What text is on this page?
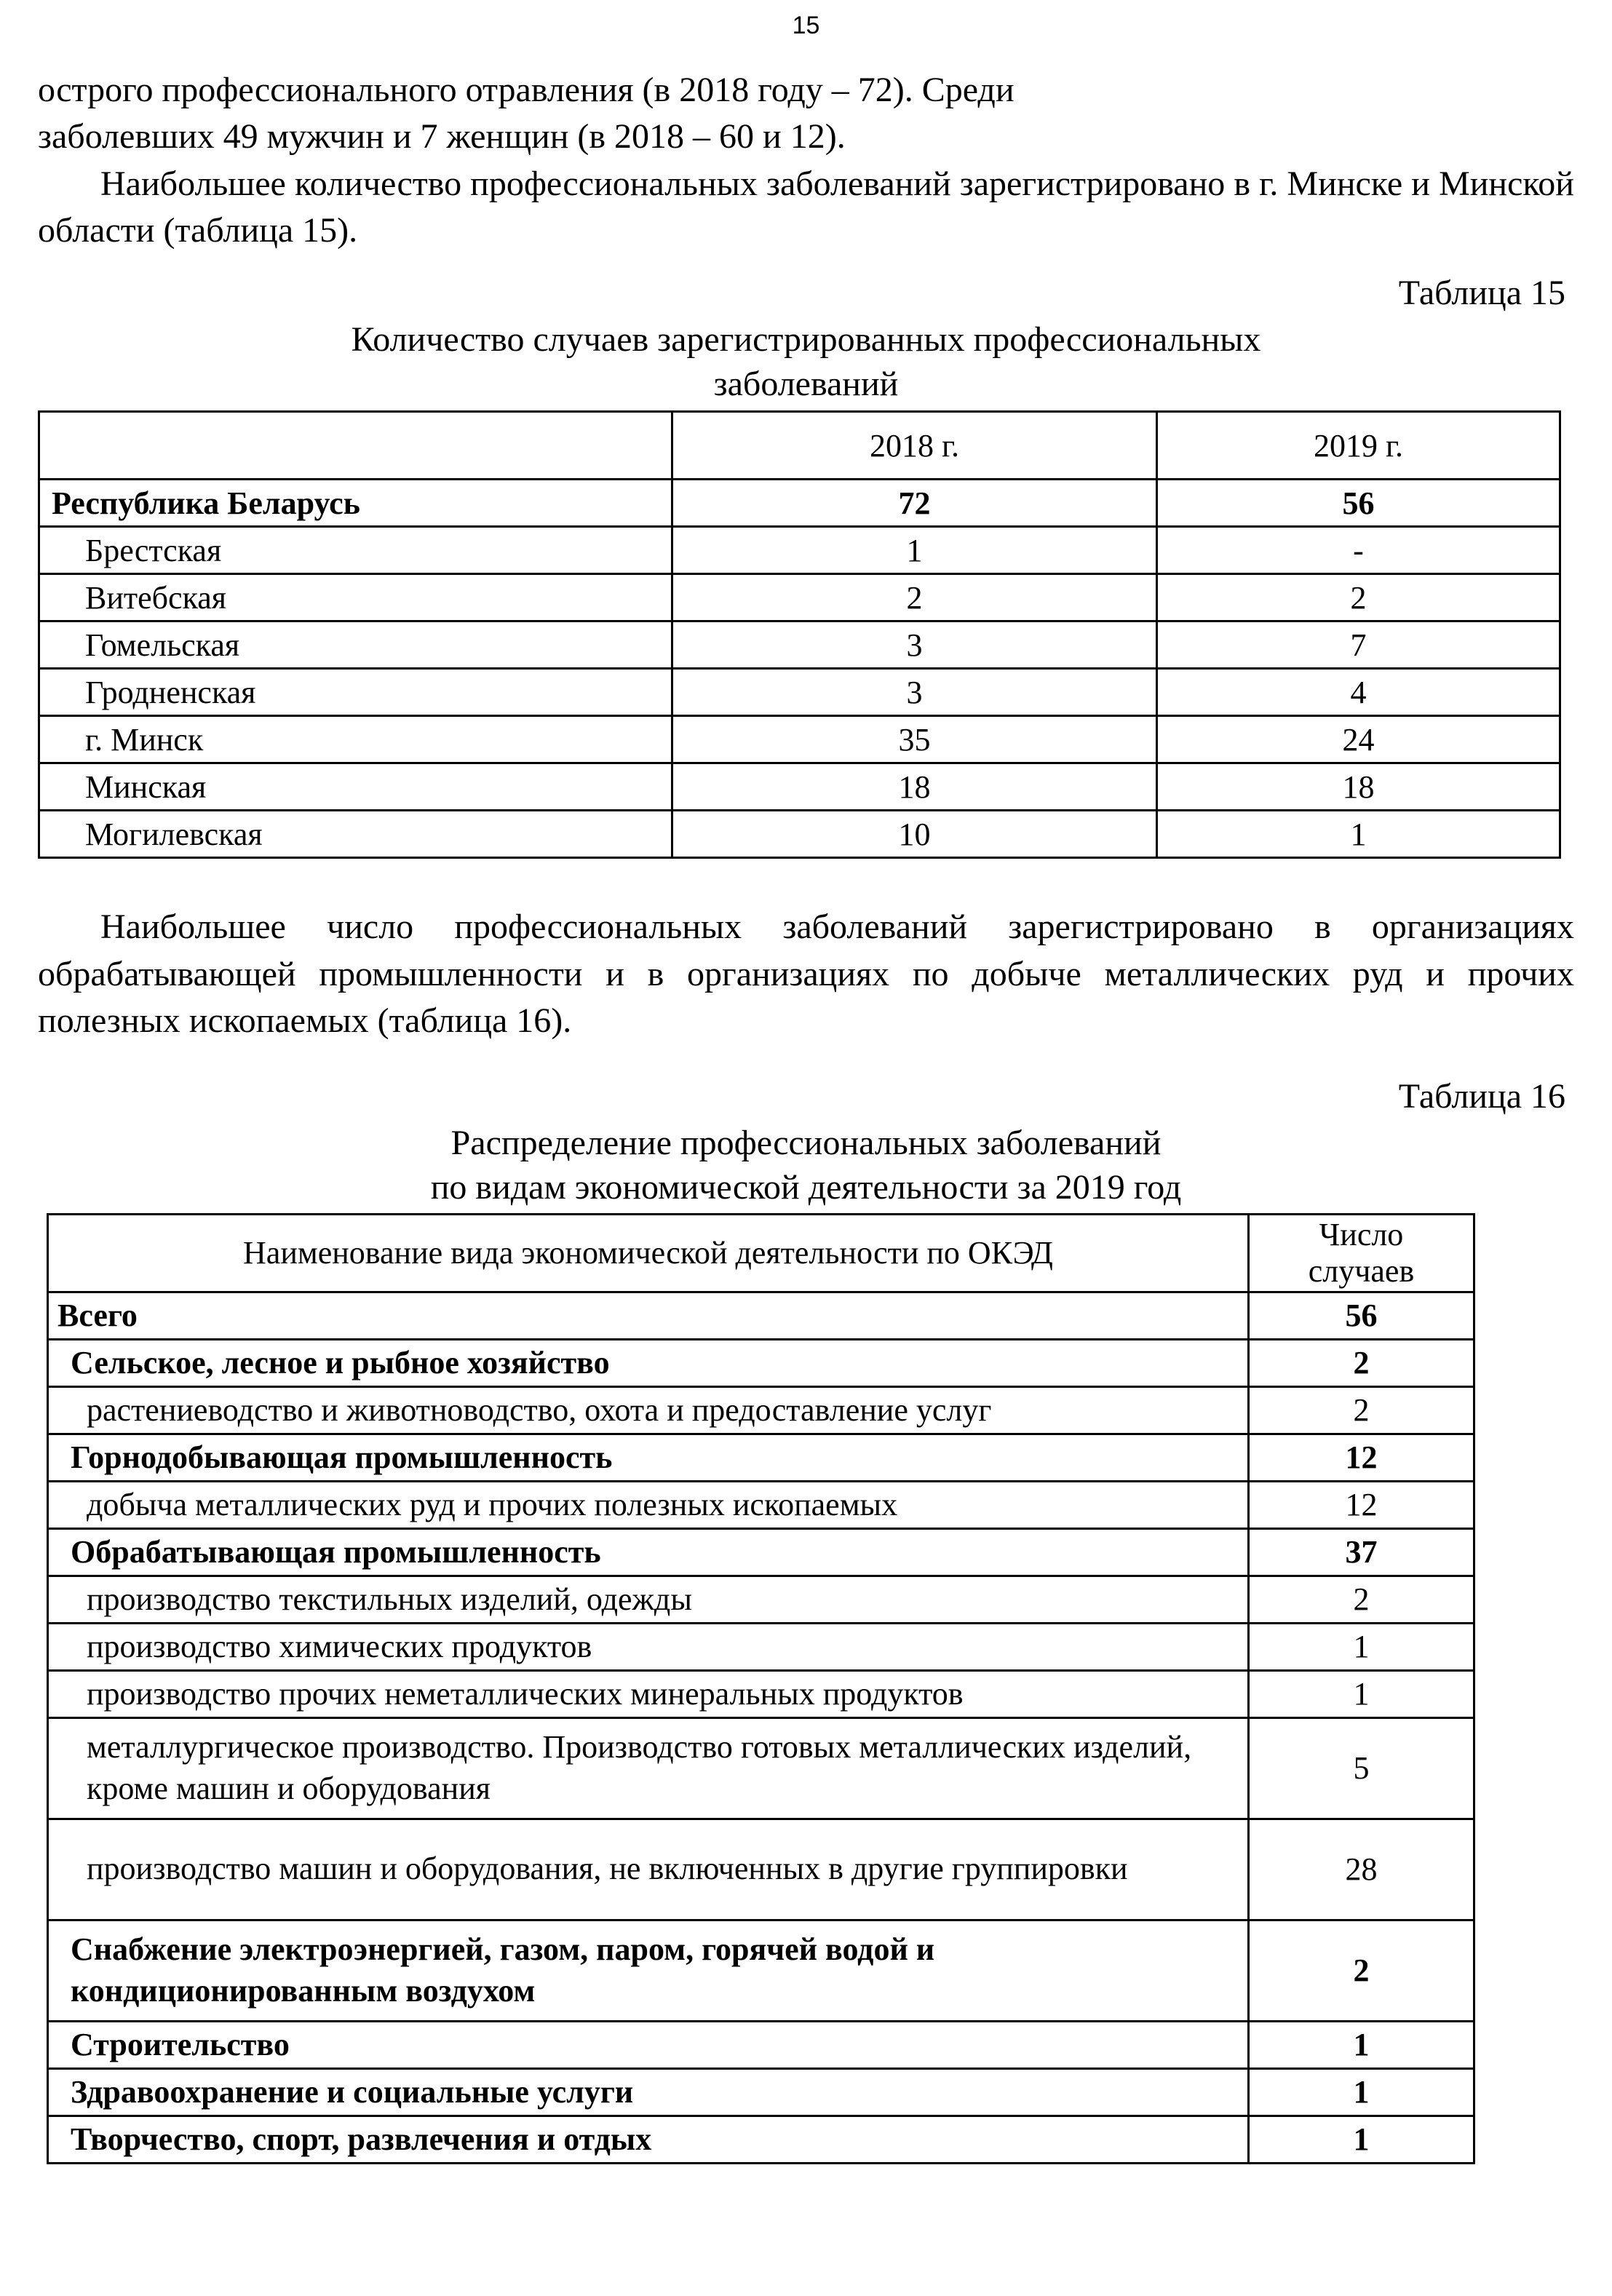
15

острого профессионального отравления (в 2018 году – 72). Среди

заболевших 49 мужчин и 7 женщин (в 2018 – 60 и 12).

Наибольшее количество профессиональных заболеваний зарегистрировано в г. Минске и Минской области (таблица 15).

Таблица 15
Количество случаев зарегистрированных профессиональных
заболеваний
	2018 г.	2019 г.
Республика Беларусь	72	56
Брестская	1	-
Витебская	2	2
Гомельская	3	7
Гродненская	3	4
г. Минск	35	24
Минская	18	18
Могилевская	10	1

Наибольшее число профессиональных заболеваний зарегистрировано в организациях обрабатывающей промышленности и в организациях по добыче металлических руд и прочих полезных ископаемых (таблица 16).

Таблица 16
Распределение профессиональных заболеваний
по видам экономической деятельности за 2019 год
Наименование вида экономической деятельности по ОКЭД	Число
случаев
Всего	56
Сельское, лесное и рыбное хозяйство	2
растениеводство и животноводство, охота и предоставление услуг	2
Горнодобывающая промышленность	12
добыча металлических руд и прочих полезных ископаемых	12
Обрабатывающая промышленность	37
производство текстильных изделий, одежды	2
производство химических продуктов	1
производство прочих неметаллических минеральных продуктов	1
металлургическое производство. Производство готовых металлических изделий, кроме машин и оборудования	5
производство машин и оборудования, не включенных в другие группировки	28
Снабжение электроэнергией, газом, паром, горячей водой и кондиционированным воздухом	2
Строительство	1
Здравоохранение и социальные услуги	1
Творчество, спорт, развлечения и отдых	1
